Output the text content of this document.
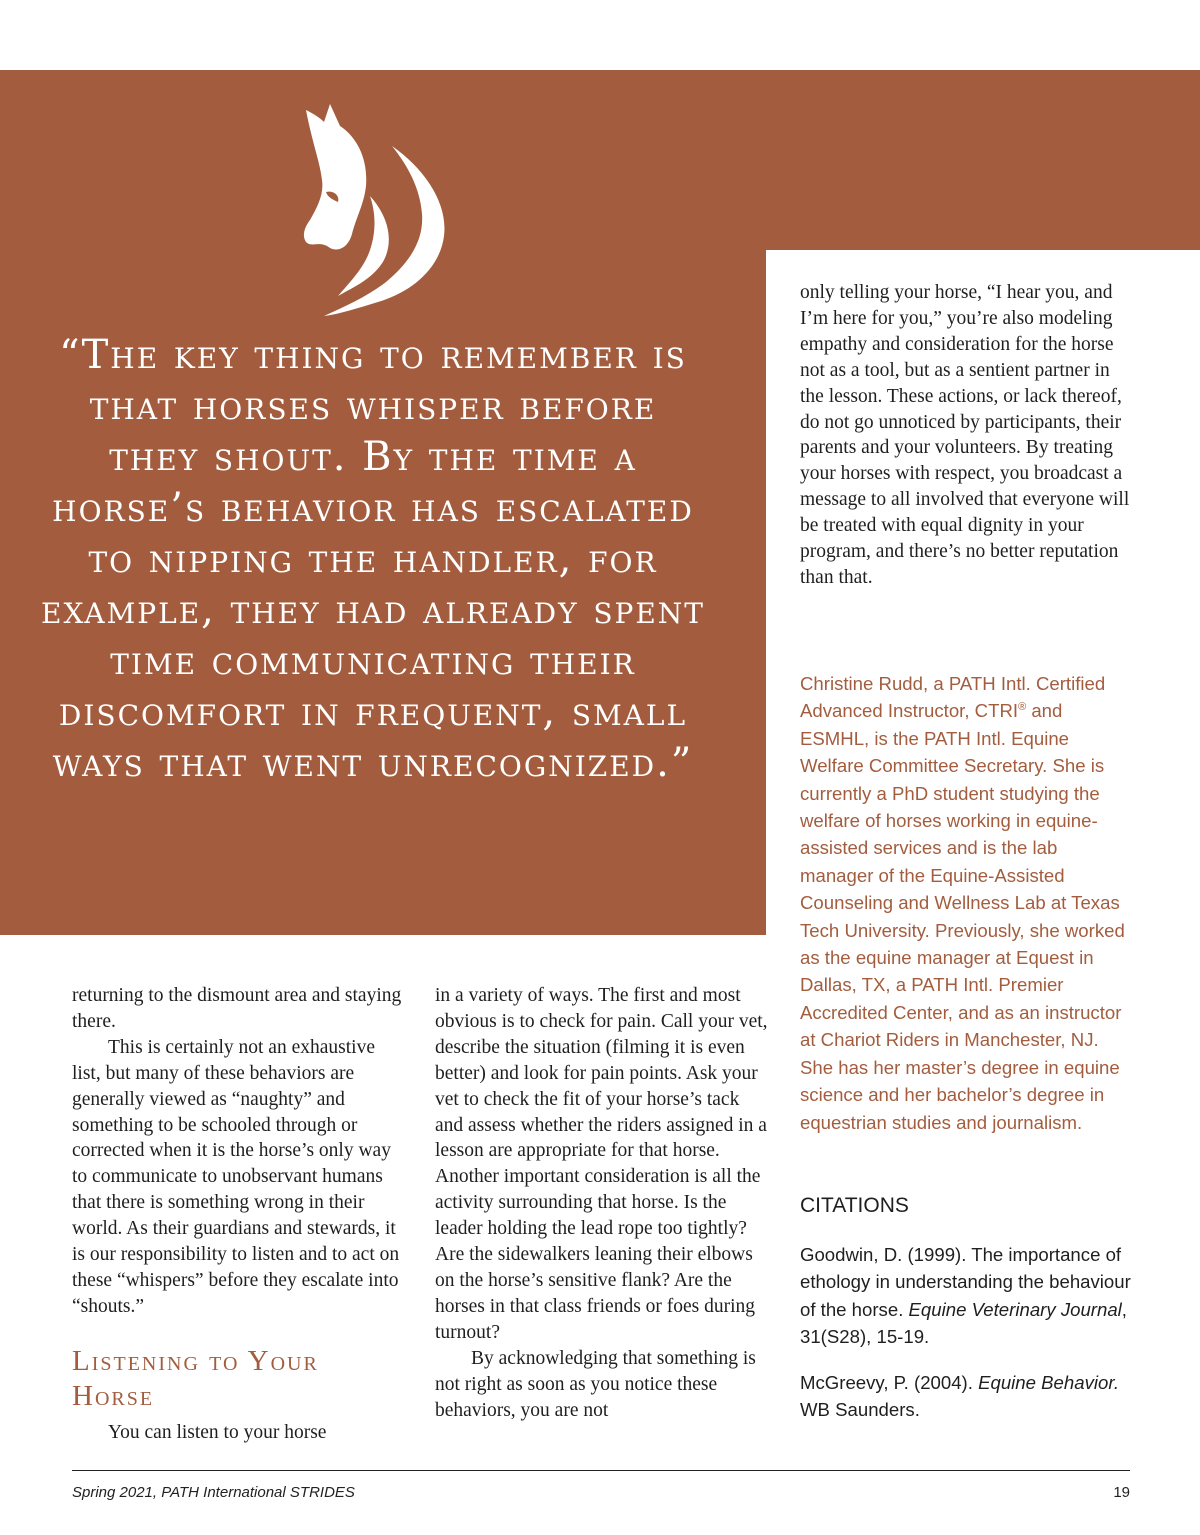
“The key thing to remember is that horses whisper before they shout. By the time a horse’s behavior has escalated to nipping the handler, for example, they had already spent time communicating their discomfort in frequent, small ways that went unrecognized.”

returning to the dismount area and staying there.

This is certainly not an exhaustive list, but many of these behaviors are generally viewed as “naughty” and something to be schooled through or corrected when it is the horse’s only way to communicate to unobservant humans that there is something wrong in their world. As their guardians and stewards, it is our responsibility to listen and to act on these “whispers” before they escalate into “shouts.”

Listening to Your Horse

You can listen to your horse

in a variety of ways. The first and most obvious is to check for pain. Call your vet, describe the situation (filming it is even better) and look for pain points. Ask your vet to check the fit of your horse’s tack and assess whether the riders assigned in a lesson are appropriate for that horse. Another important consideration is all the activity surrounding that horse. Is the leader holding the lead rope too tightly? Are the sidewalkers leaning their elbows on the horse’s sensitive flank? Are the horses in that class friends or foes during turnout?

By acknowledging that something is not right as soon as you notice these behaviors, you are not

only telling your horse, “I hear you, and I’m here for you,” you’re also modeling empathy and consideration for the horse not as a tool, but as a sentient partner in the lesson. These actions, or lack thereof, do not go unnoticed by participants, their parents and your volunteers. By treating your horses with respect, you broadcast a message to all involved that everyone will be treated with equal dignity in your program, and there’s no better reputation than that.

Christine Rudd, a PATH Intl. Certified Advanced Instructor, CTRI® and ESMHL, is the PATH Intl. Equine Welfare Committee Secretary. She is currently a PhD student studying the welfare of horses working in equine-assisted services and is the lab manager of the Equine-Assisted Counseling and Wellness Lab at Texas Tech University. Previously, she worked as the equine manager at Equest in Dallas, TX, a PATH Intl. Premier Accredited Center, and as an instructor at Chariot Riders in Manchester, NJ. She has her master’s degree in equine science and her bachelor’s degree in equestrian studies and journalism.

CITATIONS

Goodwin, D. (1999). The importance of ethology in understanding the behaviour of the horse. Equine Veterinary Journal, 31(S28), 15-19.

McGreevy, P. (2004). Equine Behavior. WB Saunders.

Spring 2021, PATH International STRIDES	19
